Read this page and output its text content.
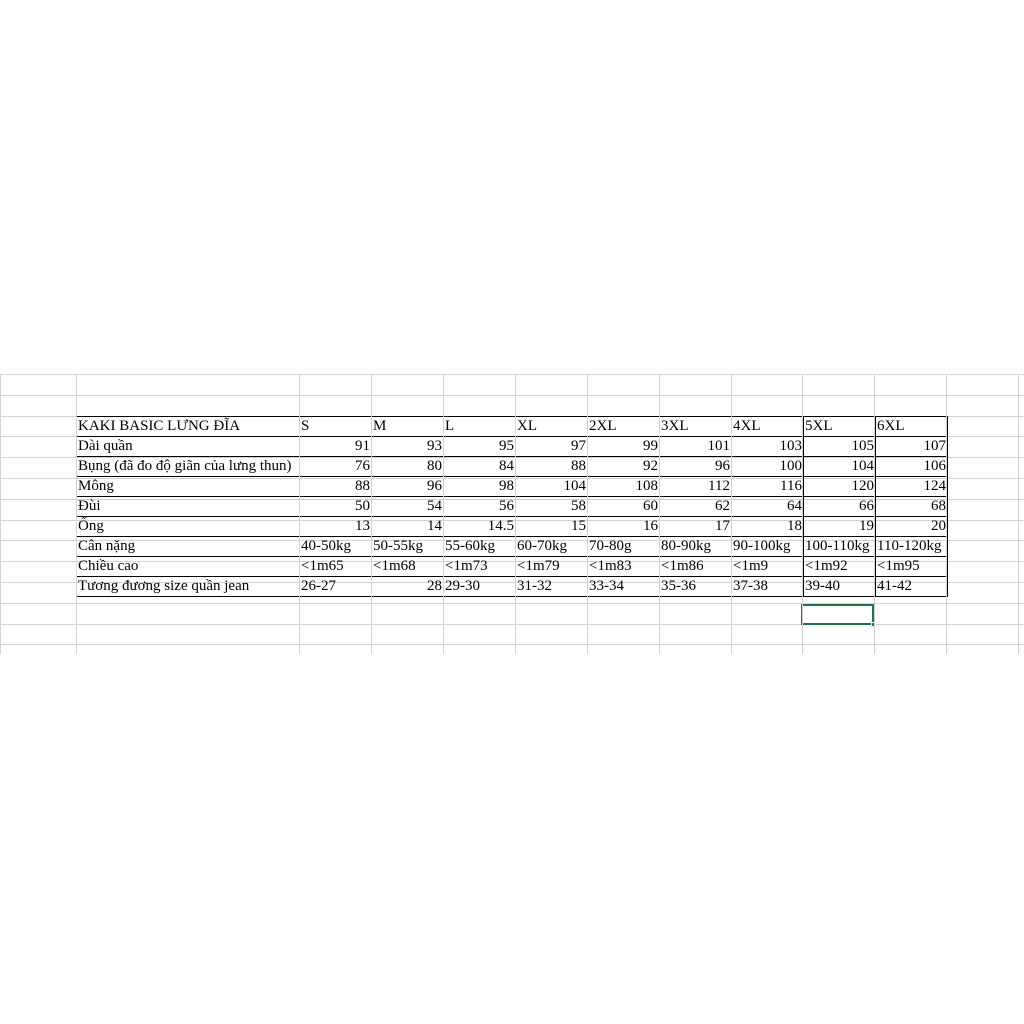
KAKI BASIC LƯNG ĐĨA	S	M	L	XL	2XL	3XL	4XL	5XL	6XL
Dài quần	91	93	95	97	99	101	103	105	107
Bụng (đã đo độ giãn của lưng thun)	76	80	84	88	92	96	100	104	106
Mông	88	96	98	104	108	112	116	120	124
Đùi	50	54	56	58	60	62	64	66	68
Ống	13	14	14.5	15	16	17	18	19	20
Cân nặng	40-50kg	50-55kg	55-60kg	60-70kg	70-80g	80-90kg	90-100kg	100-110kg	110-120kg
Chiều cao	<1m65	<1m68	<1m73	<1m79	<1m83	<1m86	<1m9	<1m92	<1m95
Tương đương size quần jean	26-27	28	29-30	31-32	33-34	35-36	37-38	39-40	41-42
